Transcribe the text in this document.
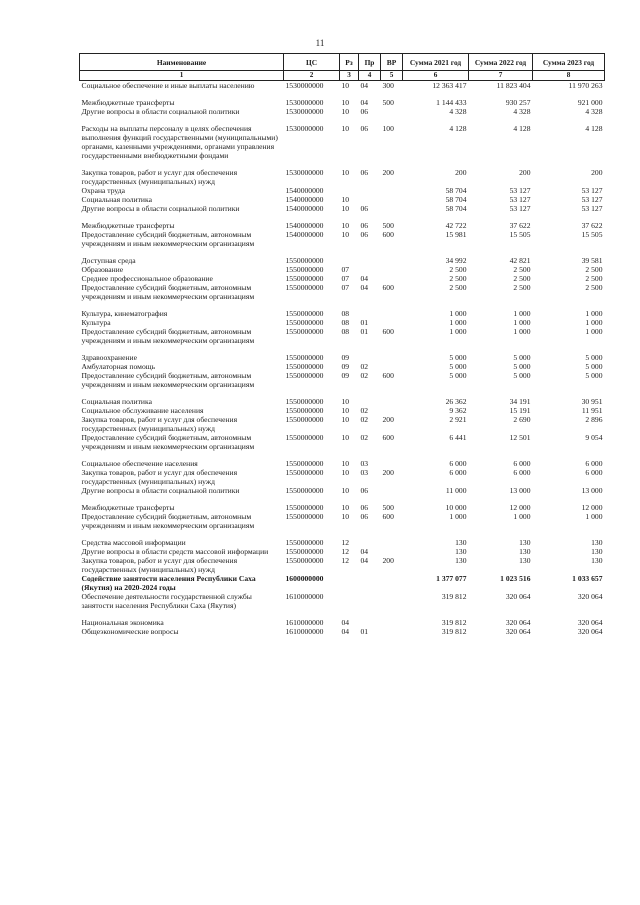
11
Наименование	ЦС	Рз	Пр	ВР	Сумма 2021 год	Сумма 2022 год	Сумма 2023 год
1	2	3	4	5	6	7	8
Социальное обеспечение и иные выплаты населению	1530000000	10	04	300	12 363 417	11 823 404	11 970 263

Межбюджетные трансферты	1530000000	10	04	500	1 144 433	930 257	921 000
Другие вопросы в области социальной политики	1530000000	10	06		4 328	4 328	4 328

Расходы на выплаты персоналу в целях обеспечения выполнения функций государственными (муниципальными) органами, казенными учреждениями, органами управления государственными внебюджетными фондами	1530000000	10	06	100	4 128	4 128	4 128

Закупка товаров, работ и услуг для обеспечения государственных (муниципальных) нужд	1530000000	10	06	200	200	200	200
Охрана труда	1540000000				58 704	53 127	53 127
Социальная политика	1540000000	10			58 704	53 127	53 127
Другие вопросы в области социальной политики	1540000000	10	06		58 704	53 127	53 127

Межбюджетные трансферты	1540000000	10	06	500	42 722	37 622	37 622
Предоставление субсидий бюджетным, автономным учреждениям и иным некоммерческим организациям	1540000000	10	06	600	15 981	15 505	15 505

Доступная среда	1550000000				34 992	42 821	39 581
Образование	1550000000	07			2 500	2 500	2 500
Среднее профессиональное образование	1550000000	07	04		2 500	2 500	2 500
Предоставление субсидий бюджетным, автономным учреждениям и иным некоммерческим организациям	1550000000	07	04	600	2 500	2 500	2 500

Культура, кинематография	1550000000	08			1 000	1 000	1 000
Культура	1550000000	08	01		1 000	1 000	1 000
Предоставление субсидий бюджетным, автономным учреждениям и иным некоммерческим организациям	1550000000	08	01	600	1 000	1 000	1 000

Здравоохранение	1550000000	09			5 000	5 000	5 000
Амбулаторная помощь	1550000000	09	02		5 000	5 000	5 000
Предоставление субсидий бюджетным, автономным учреждениям и иным некоммерческим организациям	1550000000	09	02	600	5 000	5 000	5 000

Социальная политика	1550000000	10			26 362	34 191	30 951
Социальное обслуживание населения	1550000000	10	02		9 362	15 191	11 951
Закупка товаров, работ и услуг для обеспечения государственных (муниципальных) нужд	1550000000	10	02	200	2 921	2 690	2 896
Предоставление субсидий бюджетным, автономным учреждениям и иным некоммерческим организациям	1550000000	10	02	600	6 441	12 501	9 054

Социальное обеспечение населения	1550000000	10	03		6 000	6 000	6 000
Закупка товаров, работ и услуг для обеспечения государственных (муниципальных) нужд	1550000000	10	03	200	6 000	6 000	6 000
Другие вопросы в области социальной политики	1550000000	10	06		11 000	13 000	13 000

Межбюджетные трансферты	1550000000	10	06	500	10 000	12 000	12 000
Предоставление субсидий бюджетным, автономным учреждениям и иным некоммерческим организациям	1550000000	10	06	600	1 000	1 000	1 000

Средства массовой информации	1550000000	12			130	130	130
Другие вопросы в области средств массовой информации	1550000000	12	04		130	130	130
Закупка товаров, работ и услуг для обеспечения государственных (муниципальных) нужд	1550000000	12	04	200	130	130	130
Содействие занятости населения Республики Саха (Якутия) на 2020-2024 годы	1600000000				1 377 077	1 023 516	1 033 657
Обеспечение деятельности государственной службы занятости населения Республики Саха (Якутия)	1610000000				319 812	320 064	320 064

Национальная экономика	1610000000	04			319 812	320 064	320 064
Общеэкономические вопросы	1610000000	04	01		319 812	320 064	320 064
